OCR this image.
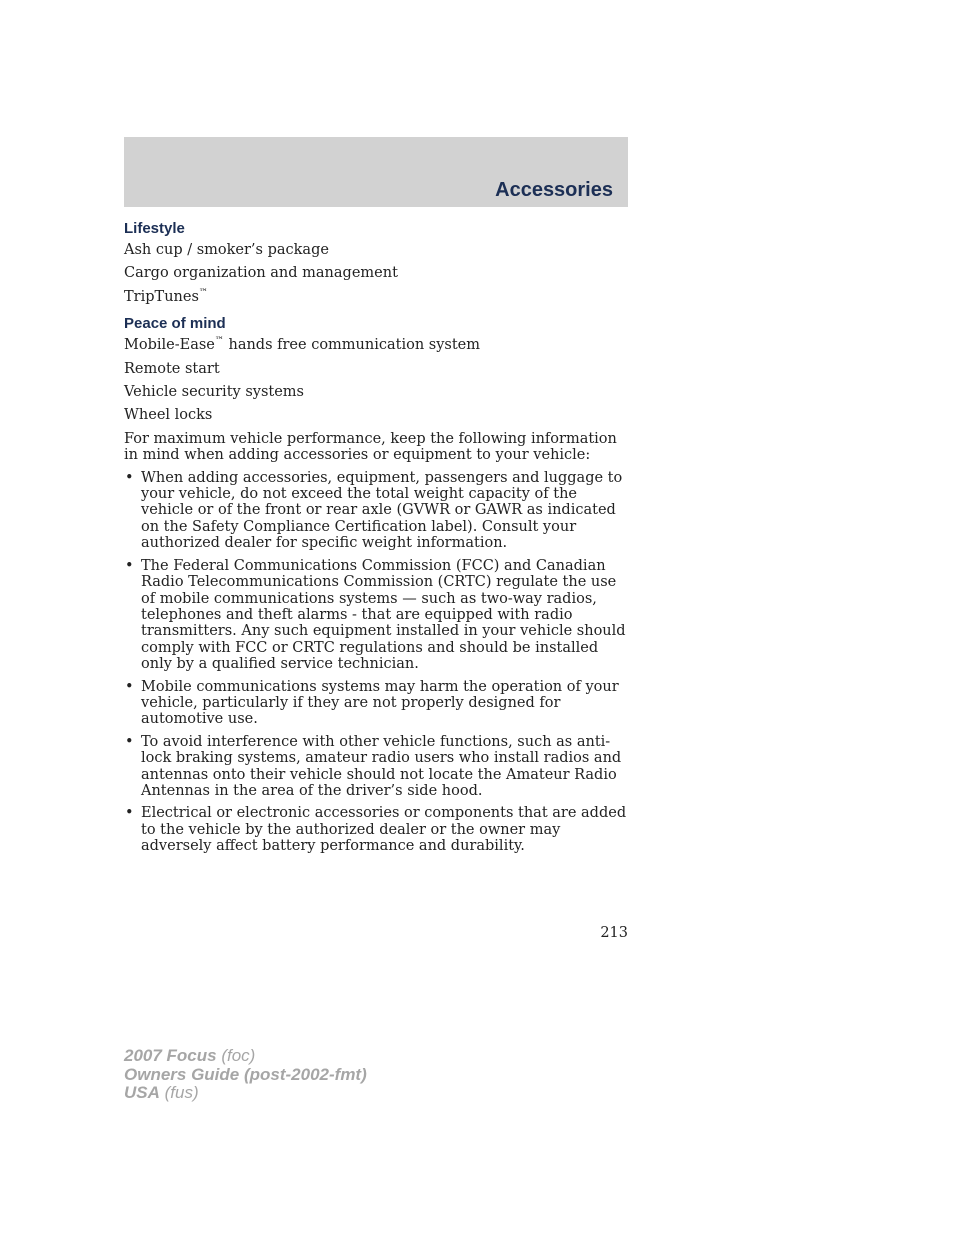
Accessories
Lifestyle
Ash cup / smoker’s package
Cargo organization and management
TripTunes™
Peace of mind
Mobile-Ease™ hands free communication system
Remote start
Vehicle security systems
Wheel locks
For maximum vehicle performance, keep the following information in mind when adding accessories or equipment to your vehicle:
• When adding accessories, equipment, passengers and luggage to your vehicle, do not exceed the total weight capacity of the vehicle or of the front or rear axle (GVWR or GAWR as indicated on the Safety Compliance Certification label). Consult your authorized dealer for specific weight information.
• The Federal Communications Commission (FCC) and Canadian Radio Telecommunications Commission (CRTC) regulate the use of mobile communications systems — such as two-way radios, telephones and theft alarms - that are equipped with radio transmitters. Any such equipment installed in your vehicle should comply with FCC or CRTC regulations and should be installed only by a qualified service technician.
• Mobile communications systems may harm the operation of your vehicle, particularly if they are not properly designed for automotive use.
• To avoid interference with other vehicle functions, such as anti-lock braking systems, amateur radio users who install radios and antennas onto their vehicle should not locate the Amateur Radio Antennas in the area of the driver’s side hood.
• Electrical or electronic accessories or components that are added to the vehicle by the authorized dealer or the owner may adversely affect battery performance and durability.
213
2007 Focus (foc)
Owners Guide (post-2002-fmt)
USA (fus)
